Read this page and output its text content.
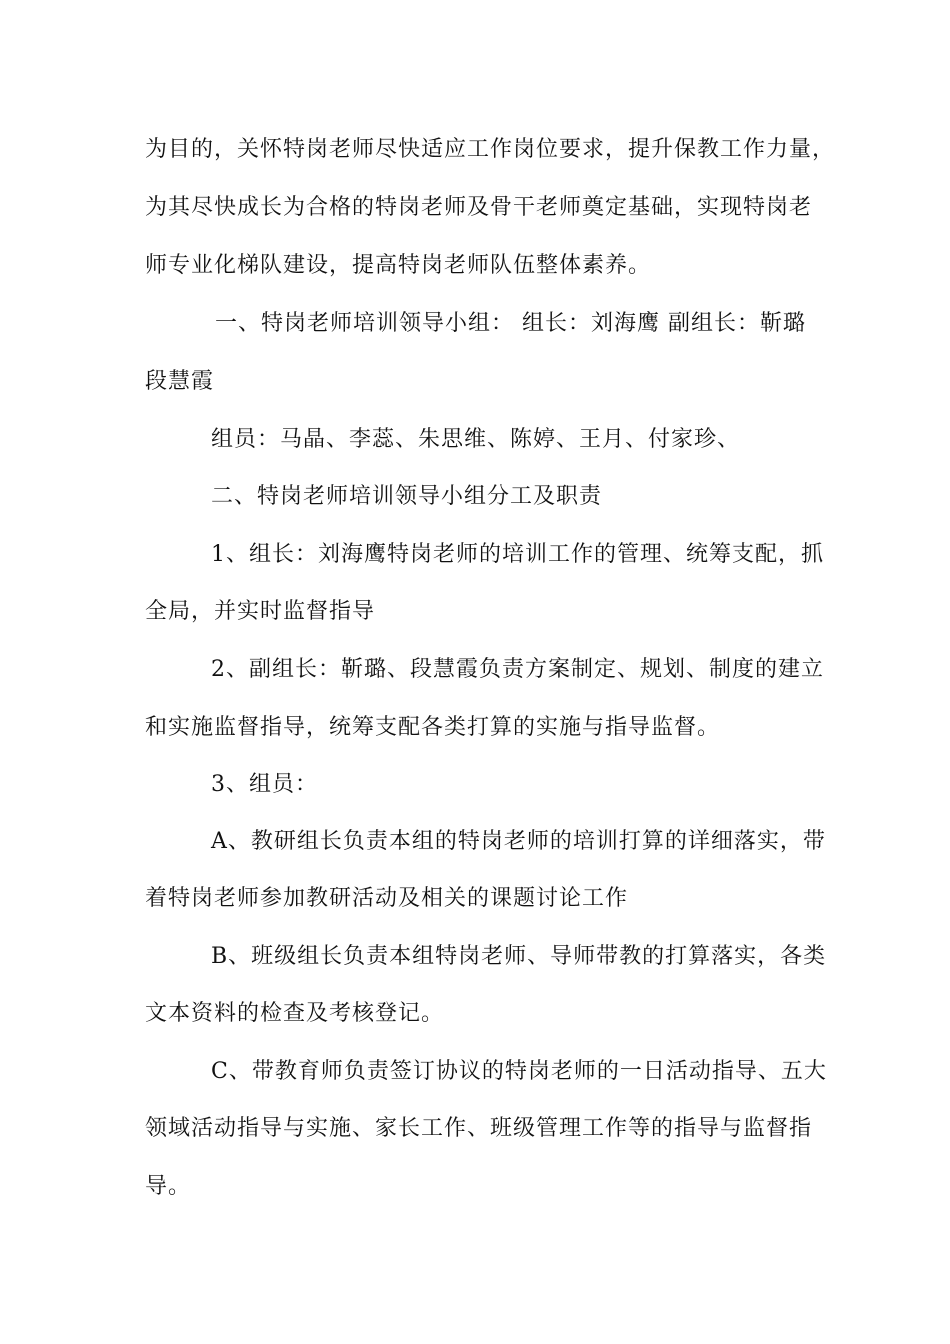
为目的，关怀特岗老师尽快适应工作岗位要求，提升保教工作力量，

为其尽快成长为合格的特岗老师及骨干老师奠定基础，实现特岗老

师专业化梯队建设，提高特岗老师队伍整体素养。

一、特岗老师培训领导小组： 组长：刘海鹰 副组长：靳璐

段慧霞

组员：马晶、李蕊、朱思维、陈婷、王月、付家珍、

二、特岗老师培训领导小组分工及职责

1、组长：刘海鹰特岗老师的培训工作的管理、统筹支配，抓

全局，并实时监督指导

2、副组长：靳璐、段慧霞负责方案制定、规划、制度的建立

和实施监督指导，统筹支配各类打算的实施与指导监督。

3、组员：

A、教研组长负责本组的特岗老师的培训打算的详细落实，带

着特岗老师参加教研活动及相关的课题讨论工作

B、班级组长负责本组特岗老师、导师带教的打算落实，各类

文本资料的检查及考核登记。

C、带教育师负责签订协议的特岗老师的一日活动指导、五大

领域活动指导与实施、家长工作、班级管理工作等的指导与监督指

导。
